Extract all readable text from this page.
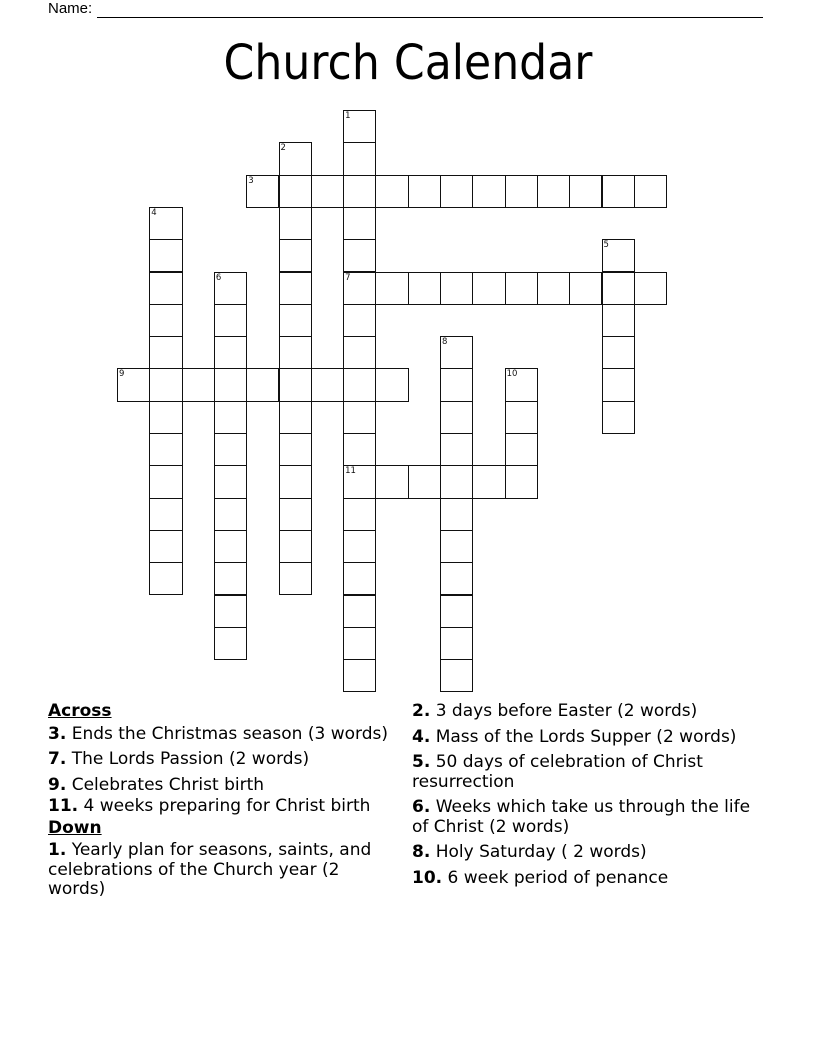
Name:
Church Calendar
1
7
11
2
3
4
5
6
8
9	10
Across
3. Ends the Christmas season (3 words)
7. The Lords Passion (2 words)
9. Celebrates Christ birth
11. 4 weeks preparing for Christ birth
Down
1. Yearly plan for seasons, saints, and celebrations of the Church year (2 words)
2. 3 days before Easter (2 words)
4. Mass of the Lords Supper (2 words)
5. 50 days of celebration of Christ resurrection
6. Weeks which take us through the life of Christ (2 words)
8. Holy Saturday ( 2 words)
10. 6 week period of penance
